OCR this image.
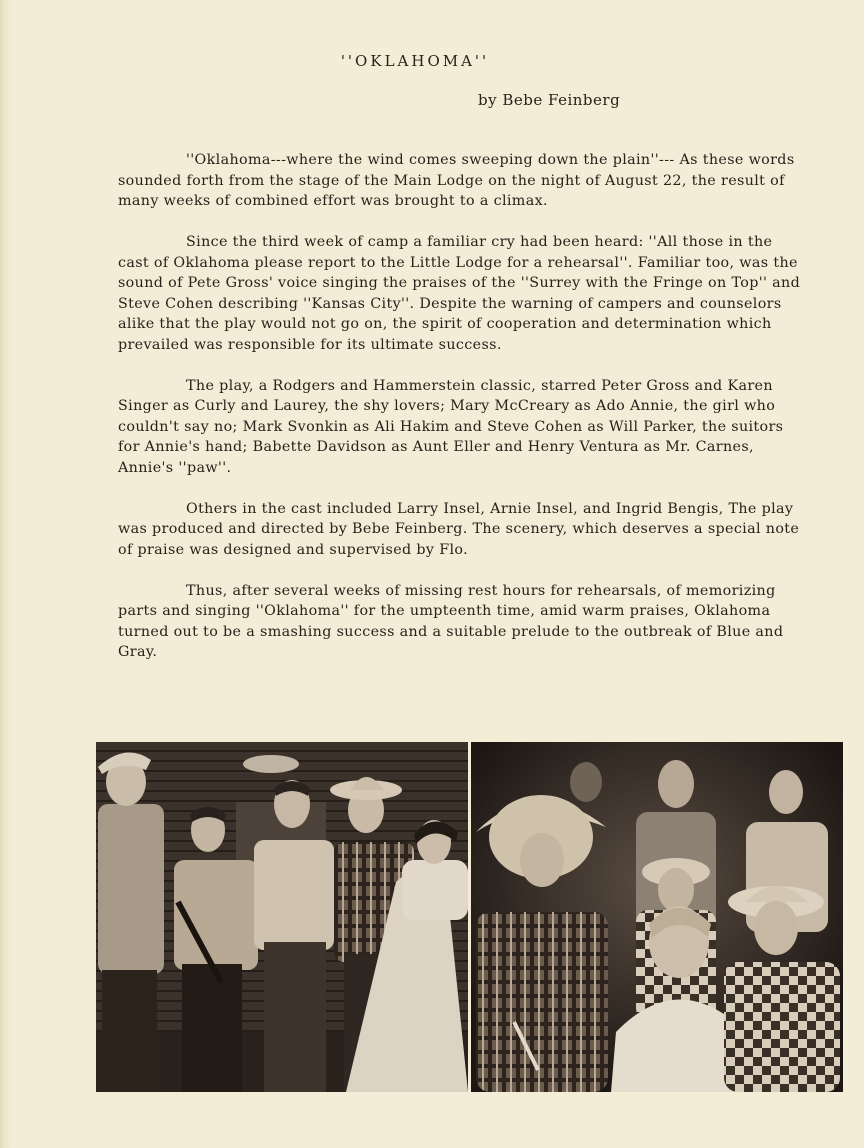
''OKLAHOMA''
by Bebe Feinberg

''Oklahoma---where the wind comes sweeping down the plain''--- As these words sounded forth from the stage of the Main Lodge on the night of August 22, the result of many weeks of combined effort was brought to a climax.

Since the third week of camp a familiar cry had been heard: ''All those in the cast of Oklahoma please report to the Little Lodge for a rehearsal''. Familiar too, was the sound of Pete Gross' voice singing the praises of the ''Surrey with the Fringe on Top'' and Steve Cohen describing ''Kansas City''. Despite the warning of campers and counselors alike that the play would not go on, the spirit of cooperation and determination which prevailed was responsible for its ultimate success.

The play, a Rodgers and Hammerstein classic, starred Peter Gross and Karen Singer as Curly and Laurey, the shy lovers; Mary McCreary as Ado Annie, the girl who couldn't say no; Mark Svonkin as Ali Hakim and Steve Cohen as Will Parker, the suitors for Annie's hand; Babette Davidson as Aunt Eller and Henry Ventura as Mr. Carnes, Annie's ''paw''.

Others in the cast included Larry Insel, Arnie Insel, and Ingrid Bengis, The play was produced and directed by Bebe Feinberg. The scenery, which deserves a special note of praise was designed and supervised by Flo.

Thus, after several weeks of missing rest hours for rehearsals, of memorizing parts and singing ''Oklahoma'' for the umpteenth time, amid warm praises, Oklahoma turned out to be a smashing success and a suitable prelude to the outbreak of Blue and Gray.
